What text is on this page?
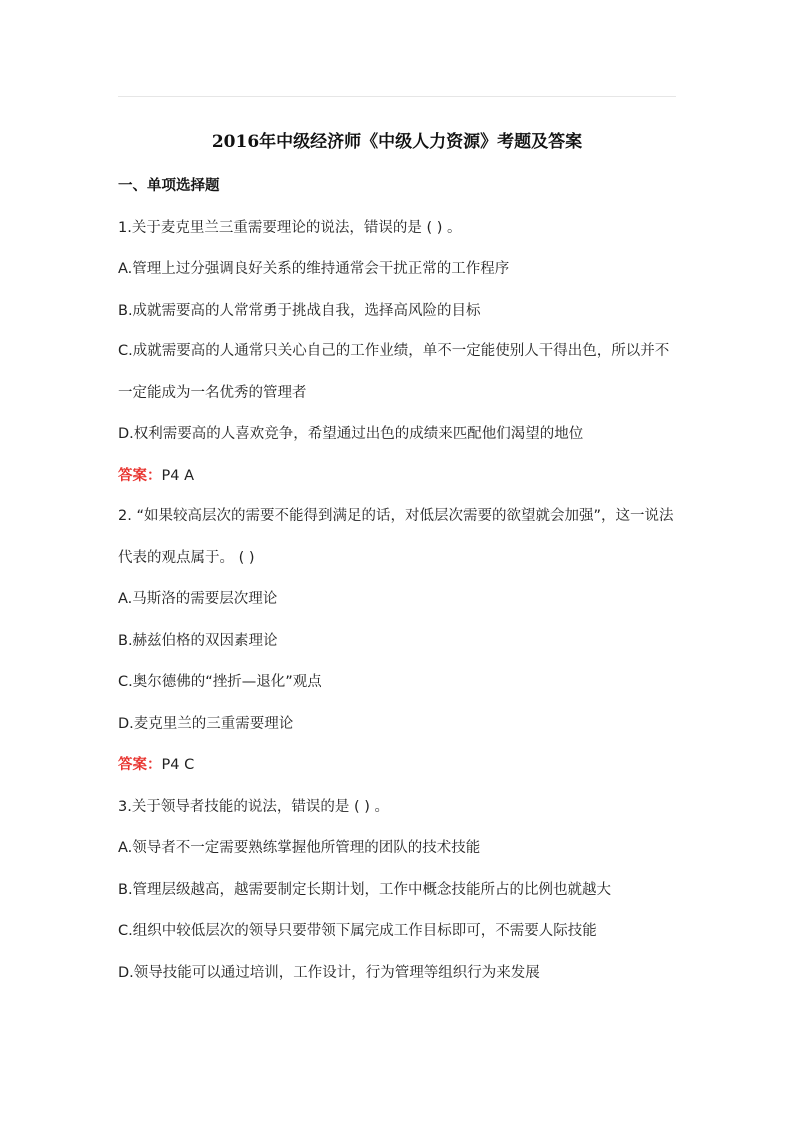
2016年中级经济师《中级人力资源》考题及答案
一、单项选择题
1.关于麦克里兰三重需要理论的说法，错误的是 ( ) 。
A.管理上过分强调良好关系的维持通常会干扰正常的工作程序
B.成就需要高的人常常勇于挑战自我，选择高风险的目标
C.成就需要高的人通常只关心自己的工作业绩，单不一定能使别人干得出色，所以并不一定能成为一名优秀的管理者
D.权利需要高的人喜欢竞争，希望通过出色的成绩来匹配他们渴望的地位
答案：P4 A
2. “如果较高层次的需要不能得到满足的话，对低层次需要的欲望就会加强”，这一说法代表的观点属于。 ( )
A.马斯洛的需要层次理论
B.赫兹伯格的双因素理论
C.奥尔德佛的“挫折—退化”观点
D.麦克里兰的三重需要理论
答案：P4 C
3.关于领导者技能的说法，错误的是 ( ) 。
A.领导者不一定需要熟练掌握他所管理的团队的技术技能
B.管理层级越高，越需要制定长期计划，工作中概念技能所占的比例也就越大
C.组织中较低层次的领导只要带领下属完成工作目标即可，不需要人际技能
D.领导技能可以通过培训，工作设计，行为管理等组织行为来发展
